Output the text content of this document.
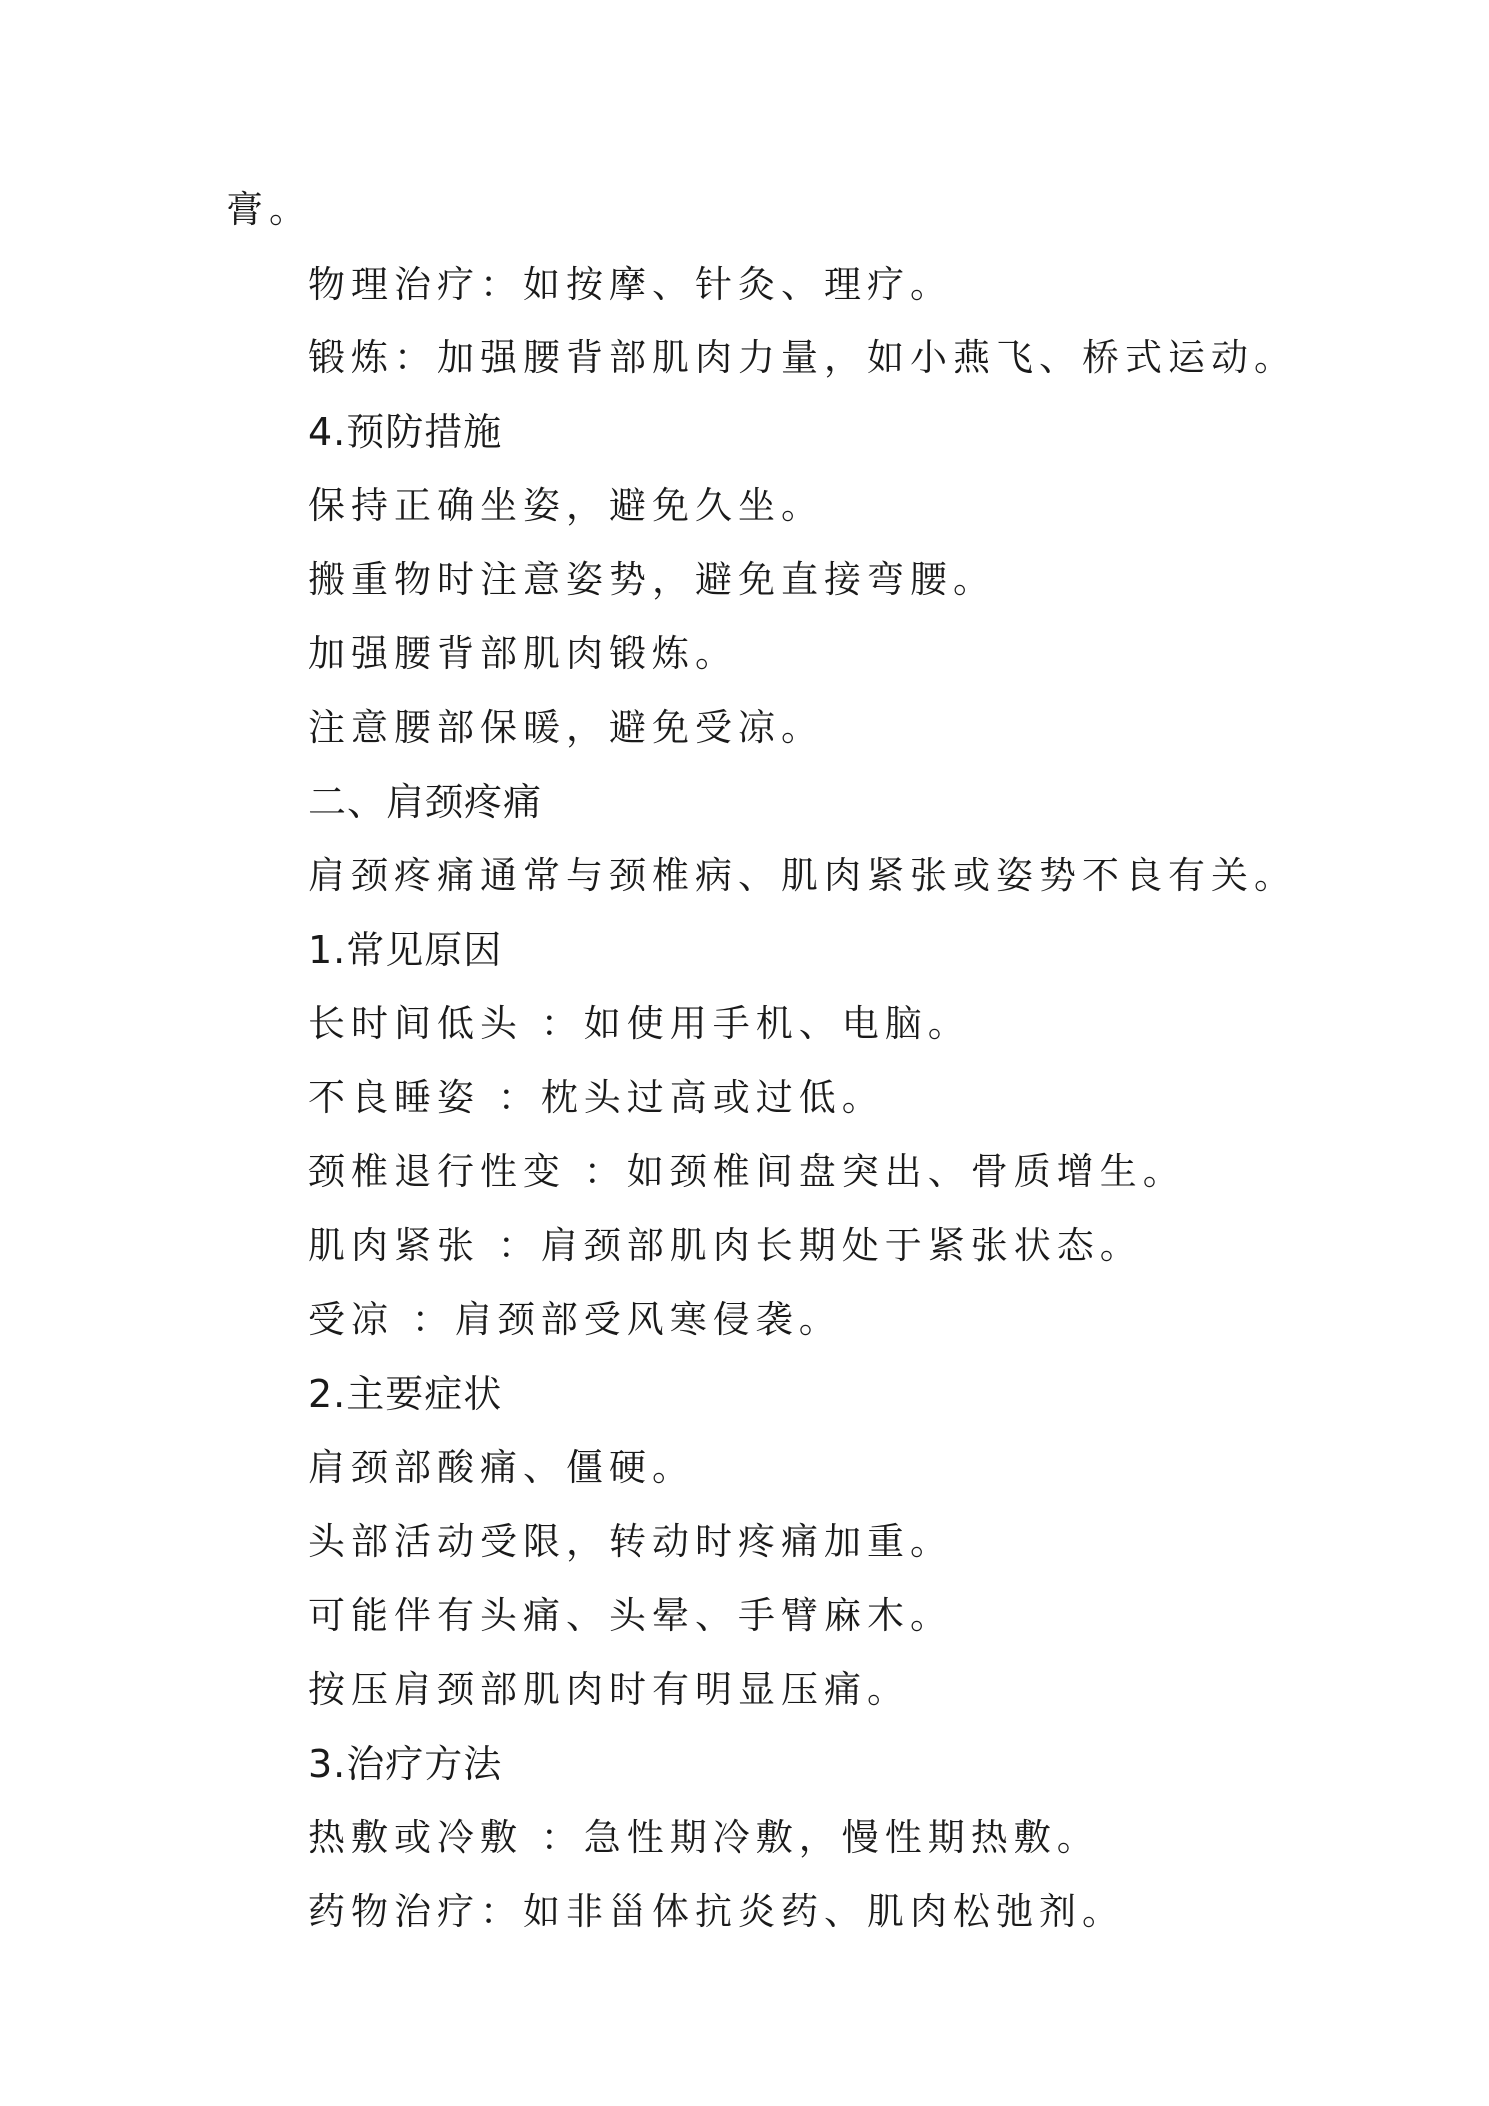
膏。

物理治疗：如按摩、针灸、理疗。

锻炼：加强腰背部肌肉力量，如小燕飞、桥式运动。

4.预防措施

保持正确坐姿，避免久坐。

搬重物时注意姿势，避免直接弯腰。

加强腰背部肌肉锻炼。

注意腰部保暖，避免受凉。

二、肩颈疼痛

肩颈疼痛通常与颈椎病、肌肉紧张或姿势不良有关。

1.常见原因

长时间低头 ：如使用手机、电脑。

不良睡姿 ：枕头过高或过低。

颈椎退行性变 ：如颈椎间盘突出、骨质增生。

肌肉紧张 ：肩颈部肌肉长期处于紧张状态。

受凉 ：肩颈部受风寒侵袭。

2.主要症状

肩颈部酸痛、僵硬。

头部活动受限，转动时疼痛加重。

可能伴有头痛、头晕、手臂麻木。

按压肩颈部肌肉时有明显压痛。

3.治疗方法

热敷或冷敷 ：急性期冷敷，慢性期热敷。

药物治疗：如非甾体抗炎药、肌肉松弛剂。
